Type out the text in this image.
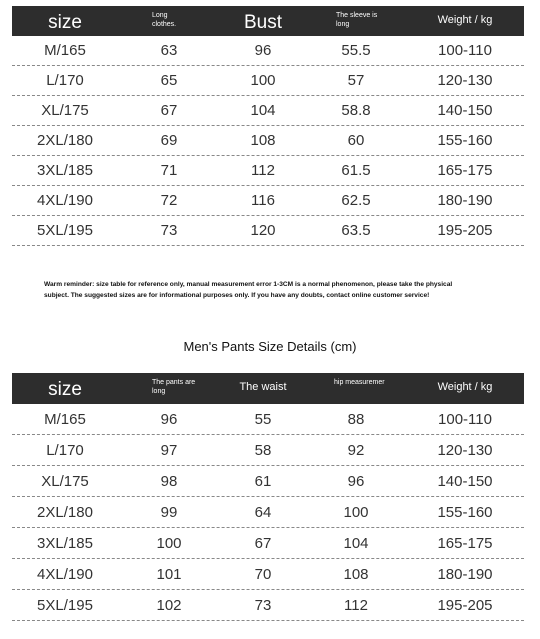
size	Long clothes.	Bust	The sleeve is long	Weight / kg
M/165	63	96	55.5	100-110
L/170	65	100	57	120-130
XL/175	67	104	58.8	140-150
2XL/180	69	108	60	155-160
3XL/185	71	112	61.5	165-175
4XL/190	72	116	62.5	180-190
5XL/195	73	120	63.5	195-205
Warm reminder: size table for reference only, manual measurement error 1-3CM is a normal phenomenon, please take the physical subject. The suggested sizes are for informational purposes only. If you have any doubts, contact online customer service!
Men's Pants Size Details (cm)
size	The pants are long	The waist	hip measuremer	Weight / kg
M/165	96	55	88	100-110
L/170	97	58	92	120-130
XL/175	98	61	96	140-150
2XL/180	99	64	100	155-160
3XL/185	100	67	104	165-175
4XL/190	101	70	108	180-190
5XL/195	102	73	112	195-205
